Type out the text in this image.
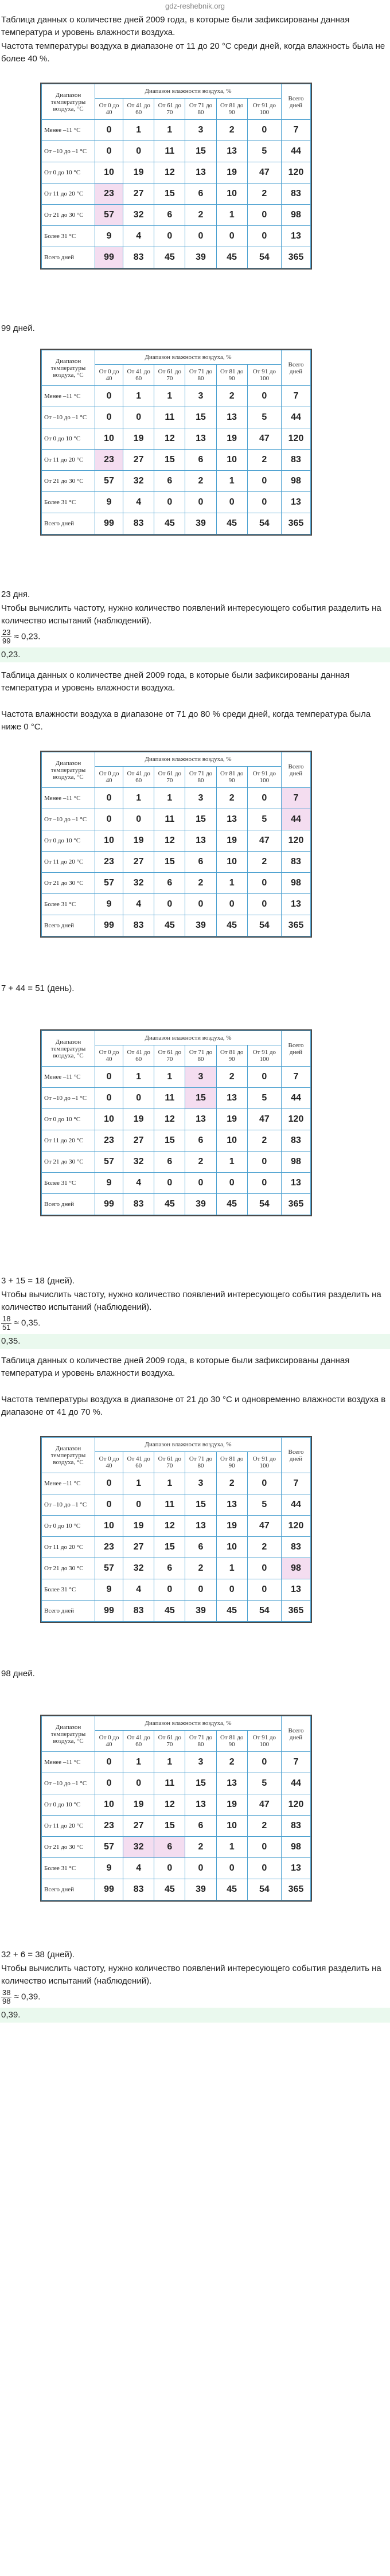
gdz-reshebnik.org
Таблица данных о количестве дней 2009 года, в которые были зафиксированы данная температура и уровень влажности воздуха.
Частота температуры воздуха в диапазоне от 11 до 20 °C среди дней, когда влажность была не более 40 %.
Диапазон температуры воздуха, °C	Диапазон влажности воздуха, %						Всего дней
	От 0 до 40	От 41 до 60	От 61 до 70	От 71 до 80	От 81 до 90	От 91 до 100	
Менее –11 °C	0	1	1	3	2	0	7
От –10 до –1 °C	0	0	11	15	13	5	44
От 0 до 10 °C	10	19	12	13	19	47	120
От 11 до 20 °C	23	27	15	6	10	2	83
От 21 до 30 °C	57	32	6	2	1	0	98
Более 31 °C	9	4	0	0	0	0	13
Всего дней	99	83	45	39	45	54	365
99 дней.
Диапазон температуры воздуха, °C	Диапазон влажности воздуха, %						Всего дней
	От 0 до 40	От 41 до 60	От 61 до 70	От 71 до 80	От 81 до 90	От 91 до 100	
Менее –11 °C	0	1	1	3	2	0	7
От –10 до –1 °C	0	0	11	15	13	5	44
От 0 до 10 °C	10	19	12	13	19	47	120
От 11 до 20 °C	23	27	15	6	10	2	83
От 21 до 30 °C	57	32	6	2	1	0	98
Более 31 °C	9	4	0	0	0	0	13
Всего дней	99	83	45	39	45	54	365
23 дня.
Чтобы вычислить частоту, нужно количество появлений интересующего события разделить на количество испытаний (наблюдений).
$\frac{23}{99} \approx 0,23$.
0,23.
Таблица данных о количестве дней 2009 года, в которые были зафиксированы данная температура и уровень влажности воздуха.
Частота влажности воздуха в диапазоне от 71 до 80 % среди дней, когда температура была ниже 0 °C.
Диапазон температуры воздуха, °C	Диапазон влажности воздуха, %						Всего дней
	От 0 до 40	От 41 до 60	От 61 до 70	От 71 до 80	От 81 до 90	От 91 до 100	
Менее –11 °C	0	1	1	3	2	0	7
От –10 до –1 °C	0	0	11	15	13	5	44
От 0 до 10 °C	10	19	12	13	19	47	120
От 11 до 20 °C	23	27	15	6	10	2	83
От 21 до 30 °C	57	32	6	2	1	0	98
Более 31 °C	9	4	0	0	0	0	13
Всего дней	99	83	45	39	45	54	365
7 + 44 = 51 (день).
Диапазон температуры воздуха, °C	Диапазон влажности воздуха, %						Всего дней
	От 0 до 40	От 41 до 60	От 61 до 70	От 71 до 80	От 81 до 90	От 91 до 100	
Менее –11 °C	0	1	1	3	2	0	7
От –10 до –1 °C	0	0	11	15	13	5	44
От 0 до 10 °C	10	19	12	13	19	47	120
От 11 до 20 °C	23	27	15	6	10	2	83
От 21 до 30 °C	57	32	6	2	1	0	98
Более 31 °C	9	4	0	0	0	0	13
Всего дней	99	83	45	39	45	54	365
3 + 15 = 18 (дней).
Чтобы вычислить частоту, нужно количество появлений интересующего события разделить на количество испытаний (наблюдений).
$\frac{18}{51} \approx 0,35$.
0,35.
Таблица данных о количестве дней 2009 года, в которые были зафиксированы данная температура и уровень влажности воздуха.
Частота температуры воздуха в диапазоне от 21 до 30 °C и одновременно влажности воздуха в диапазоне от 41 до 70 %.
Диапазон температуры воздуха, °C	Диапазон влажности воздуха, %						Всего дней
	От 0 до 40	От 41 до 60	От 61 до 70	От 71 до 80	От 81 до 90	От 91 до 100	
Менее –11 °C	0	1	1	3	2	0	7
От –10 до –1 °C	0	0	11	15	13	5	44
От 0 до 10 °C	10	19	12	13	19	47	120
От 11 до 20 °C	23	27	15	6	10	2	83
От 21 до 30 °C	57	32	6	2	1	0	98
Более 31 °C	9	4	0	0	0	0	13
Всего дней	99	83	45	39	45	54	365
98 дней.
Диапазон температуры воздуха, °C	Диапазон влажности воздуха, %						Всего дней
	От 0 до 40	От 41 до 60	От 61 до 70	От 71 до 80	От 81 до 90	От 91 до 100	
Менее –11 °C	0	1	1	3	2	0	7
От –10 до –1 °C	0	0	11	15	13	5	44
От 0 до 10 °C	10	19	12	13	19	47	120
От 11 до 20 °C	23	27	15	6	10	2	83
От 21 до 30 °C	57	32	6	2	1	0	98
Более 31 °C	9	4	0	0	0	0	13
Всего дней	99	83	45	39	45	54	365
32 + 6 = 38 (дней).
Чтобы вычислить частоту, нужно количество появлений интересующего события разделить на количество испытаний (наблюдений).
$\frac{38}{98} \approx 0,39$.
0,39.
